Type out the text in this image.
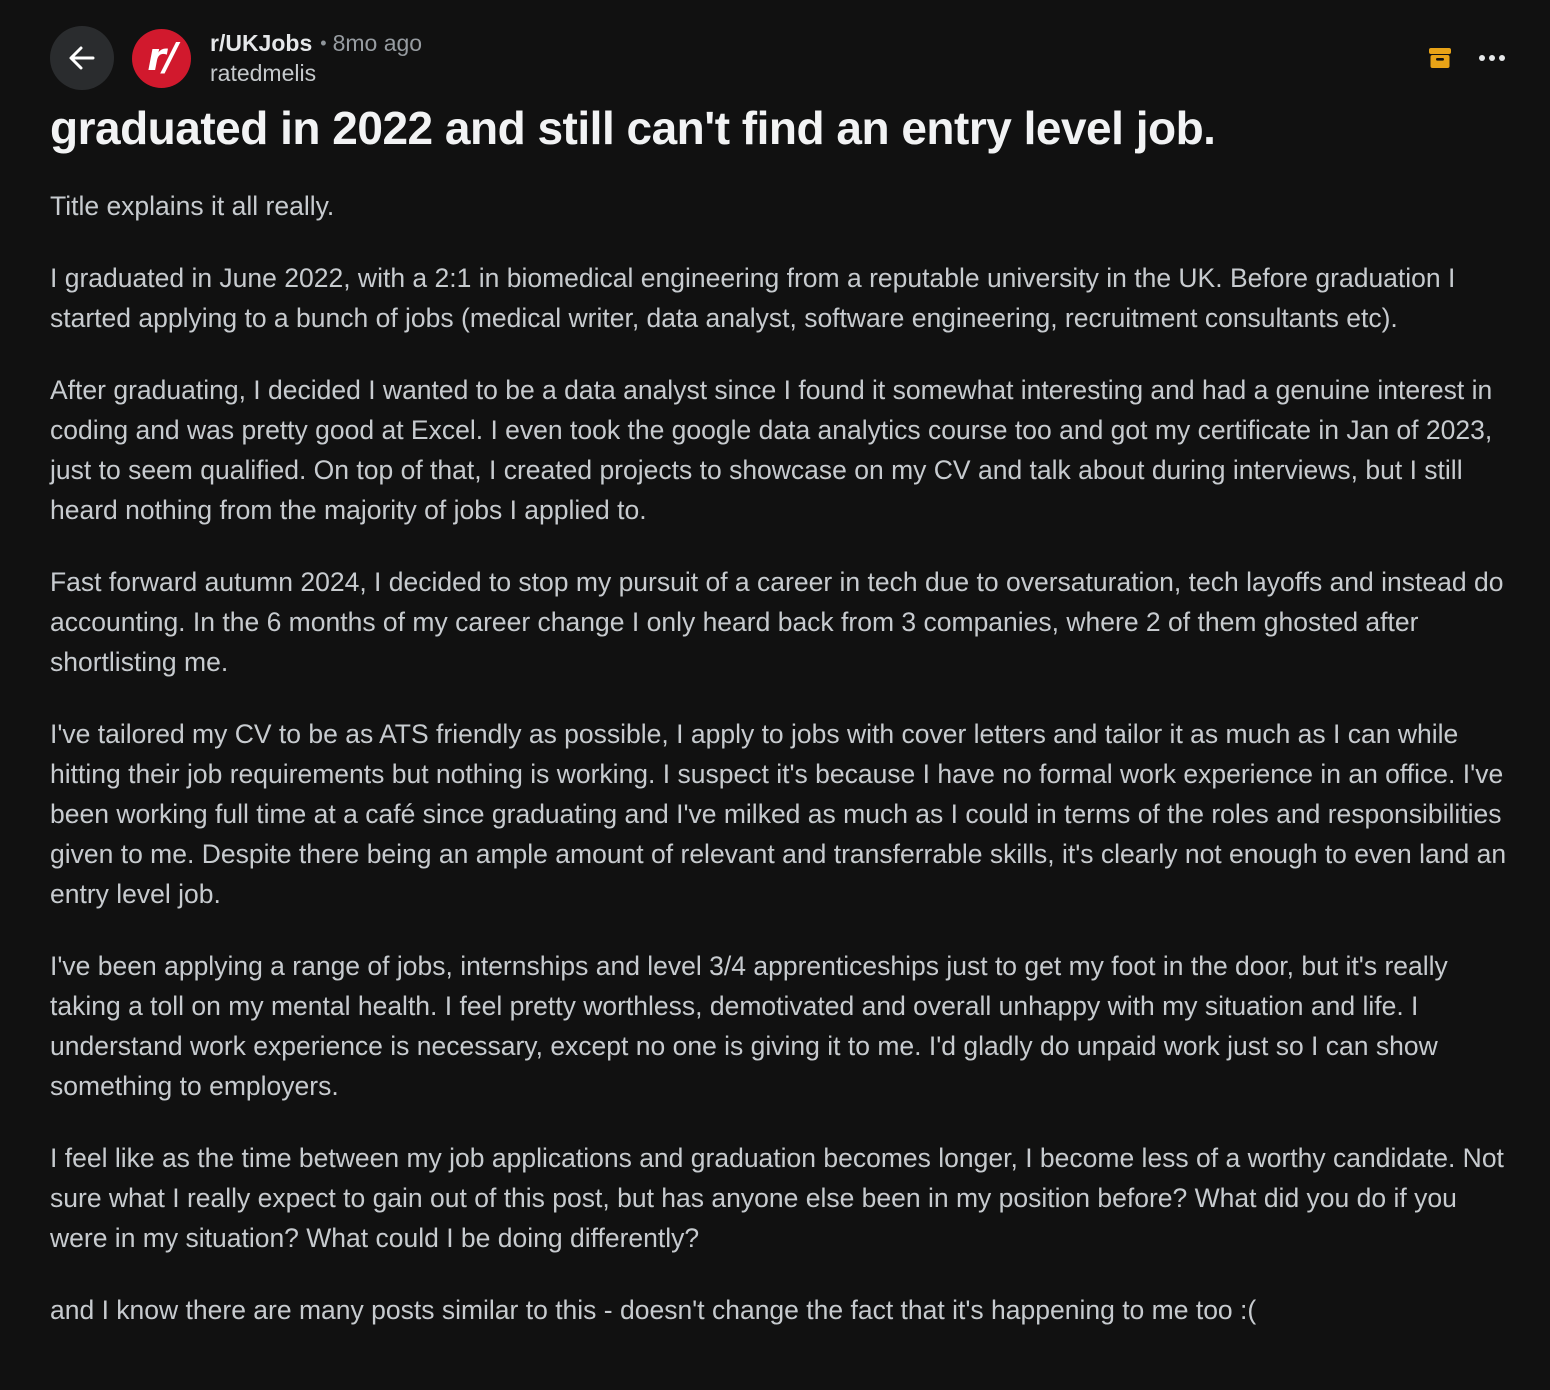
r/	r/UKJobs • 8mo ago
ratedmelis
graduated in 2022 and still can't find an entry level job.

Title explains it all really.

I graduated in June 2022, with a 2:1 in biomedical engineering from a reputable university in the UK. Before graduation I started applying to a bunch of jobs (medical writer, data analyst, software engineering, recruitment consultants etc).

After graduating, I decided I wanted to be a data analyst since I found it somewhat interesting and had a genuine interest in coding and was pretty good at Excel. I even took the google data analytics course too and got my certificate in Jan of 2023, just to seem qualified. On top of that, I created projects to showcase on my CV and talk about during interviews, but I still heard nothing from the majority of jobs I applied to.

Fast forward autumn 2024, I decided to stop my pursuit of a career in tech due to oversaturation, tech layoffs and instead do accounting. In the 6 months of my career change I only heard back from 3 companies, where 2 of them ghosted after shortlisting me.

I've tailored my CV to be as ATS friendly as possible, I apply to jobs with cover letters and tailor it as much as I can while hitting their job requirements but nothing is working. I suspect it's because I have no formal work experience in an office. I've been working full time at a café since graduating and I've milked as much as I could in terms of the roles and responsibilities given to me. Despite there being an ample amount of relevant and transferrable skills, it's clearly not enough to even land an entry level job.

I've been applying a range of jobs, internships and level 3/4 apprenticeships just to get my foot in the door, but it's really taking a toll on my mental health. I feel pretty worthless, demotivated and overall unhappy with my situation and life. I understand work experience is necessary, except no one is giving it to me. I'd gladly do unpaid work just so I can show something to employers.

I feel like as the time between my job applications and graduation becomes longer, I become less of a worthy candidate. Not sure what I really expect to gain out of this post, but has anyone else been in my position before? What did you do if you were in my situation? What could I be doing differently?

and I know there are many posts similar to this - doesn't change the fact that it's happening to me too :(
